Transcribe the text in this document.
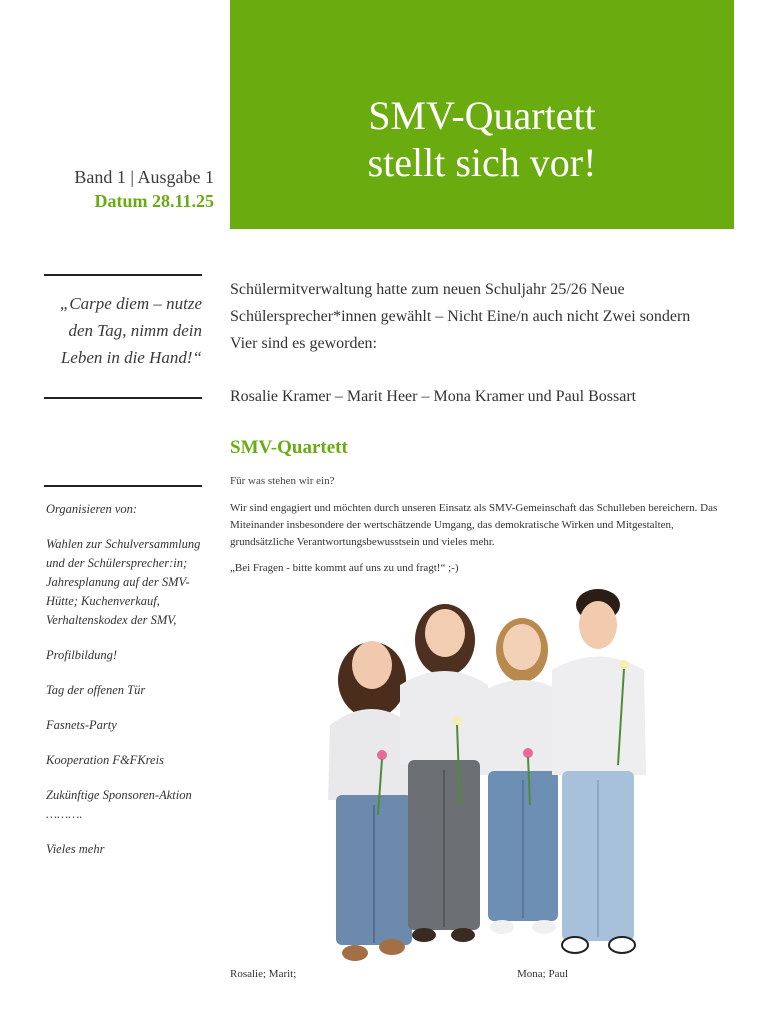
SMV-Quartett
stellt sich vor!
Band 1 | Ausgabe 1
Datum 28.11.25
„Carpe diem – nutze den Tag, nimm dein Leben in die Hand!“

Organisieren von:

Wahlen zur Schulversammlung und der Schülersprecher:in; Jahresplanung auf der SMV-Hütte; Kuchenverkauf, Verhaltenskodex der SMV,

Profilbildung!

Tag der offenen Tür

Fasnets-Party

Kooperation F&FKreis

Zukünftige Sponsoren-Aktion ……….

Vieles mehr

Schülermitverwaltung hatte zum neuen Schuljahr 25/26 Neue Schülersprecher*innen gewählt – Nicht Eine/n auch nicht Zwei sondern Vier sind es geworden:
Rosalie Kramer – Marit Heer – Mona Kramer und Paul Bossart
SMV-Quartett
Für was stehen wir ein?
Wir sind engagiert und möchten durch unseren Einsatz als SMV-Gemeinschaft das Schulleben bereichern. Das Miteinander insbesondere der wertschätzende Umgang, das demokratische Wirken und Mitgestalten, grundsätzliche Verantwortungsbewusstsein und vieles mehr.
„Bei Fragen - bitte kommt auf uns zu und fragt!“ ;-)
Rosalie; Marit;	Mona; Paul
